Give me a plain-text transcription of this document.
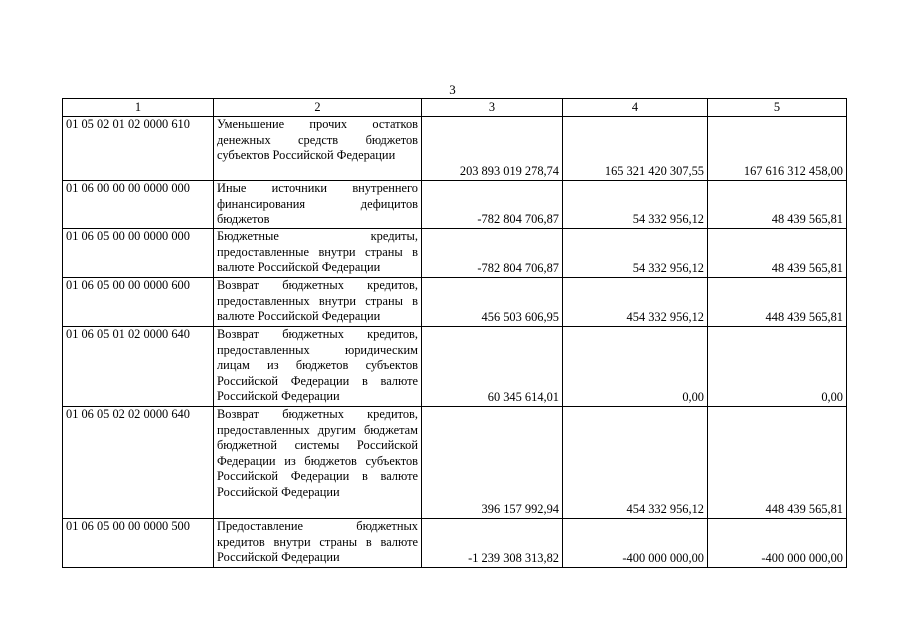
3
1	2	3	4	5
01 05 02 01 02 0000 610	Уменьшение прочих остатков денежных средств бюджетов субъектов Российской Федерации	203 893 019 278,74	165 321 420 307,55	167 616 312 458,00
01 06 00 00 00 0000 000	Иные источники внутреннего финансирования дефицитов бюджетов	-782 804 706,87	54 332 956,12	48 439 565,81
01 06 05 00 00 0000 000	Бюджетные кредиты, предоставленные внутри страны в валюте Российской Федерации	-782 804 706,87	54 332 956,12	48 439 565,81
01 06 05 00 00 0000 600	Возврат бюджетных кредитов, предоставленных внутри страны в валюте Российской Федерации	456 503 606,95	454 332 956,12	448 439 565,81
01 06 05 01 02 0000 640	Возврат бюджетных кредитов, предоставленных юридическим лицам из бюджетов субъектов Российской Федерации в валюте Российской Федерации	60 345 614,01	0,00	0,00
01 06 05 02 02 0000 640	Возврат бюджетных кредитов, предоставленных другим бюджетам бюджетной системы Российской Федерации из бюджетов субъектов Российской Федерации в валюте Российской Федерации	396 157 992,94	454 332 956,12	448 439 565,81
01 06 05 00 00 0000 500	Предоставление бюджетных кредитов внутри страны в валюте Российской Федерации	-1 239 308 313,82	-400 000 000,00	-400 000 000,00
